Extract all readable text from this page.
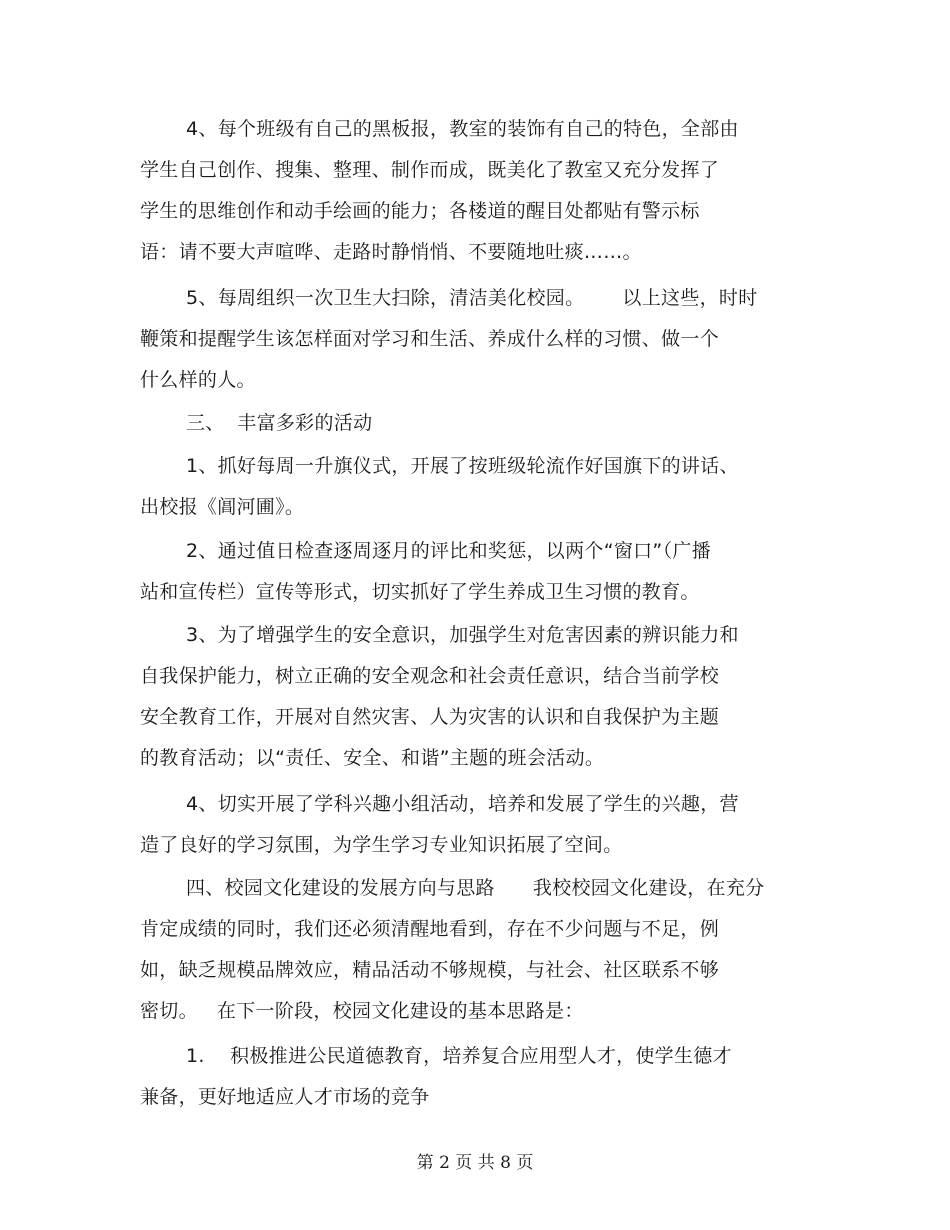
4、每个班级有自己的黑板报，教室的装饰有自己的特色，全部由
学生自己创作、搜集、整理、制作而成，既美化了教室又充分发挥了
学生的思维创作和动手绘画的能力；各楼道的醒目处都贴有警示标
语：请不要大声喧哗、走路时静悄悄、不要随地吐痰……。
5、每周组织一次卫生大扫除，清洁美化校园。      以上这些，时时
鞭策和提醒学生该怎样面对学习和生活、养成什么样的习惯、做一个
什么样的人。
三、  丰富多彩的活动
1、抓好每周一升旗仪式，开展了按班级轮流作好国旗下的讲话、
出校报《阊河圃》。
2、通过值日检查逐周逐月的评比和奖惩，以两个“窗口”（广播
站和宣传栏）宣传等形式，切实抓好了学生养成卫生习惯的教育。
3、为了增强学生的安全意识，加强学生对危害因素的辨识能力和
自我保护能力，树立正确的安全观念和社会责任意识，结合当前学校
安全教育工作，开展对自然灾害、人为灾害的认识和自我保护为主题
的教育活动；以“责任、安全、和谐”主题的班会活动。
4、切实开展了学科兴趣小组活动，培养和发展了学生的兴趣，营
造了良好的学习氛围，为学生学习专业知识拓展了空间。
四、校园文化建设的发展方向与思路      我校校园文化建设，在充分
肯定成绩的同时，我们还必须清醒地看到，存在不少问题与不足，例
如，缺乏规模品牌效应，精品活动不够规模，与社会、社区联系不够
密切。   在下一阶段，校园文化建设的基本思路是：
1.    积极推进公民道德教育，培养复合应用型人才，使学生德才
兼备，更好地适应人才市场的竞争
第 2 页 共 8 页
